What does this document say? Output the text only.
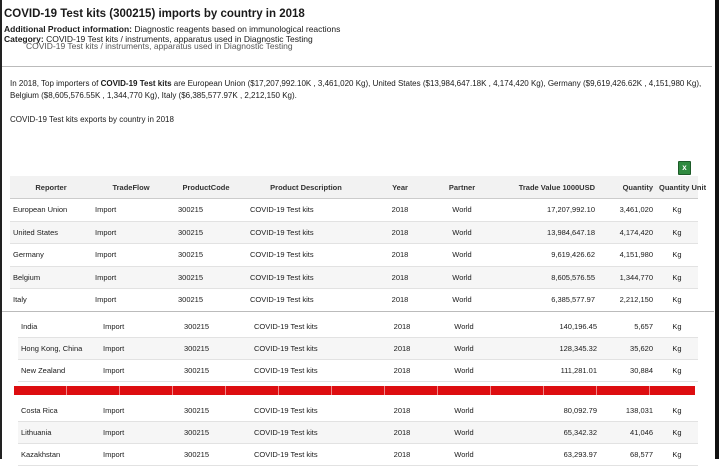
COVID-19 Test kits (300215) imports by country in 2018
Additional Product information: Diagnostic reagents based on immunological reactions
Category: COVID-19 Test kits / instruments, apparatus used in Diagnostic Testing
COVID-19 Test kits / instruments, apparatus used in Diagnostic Testing

In 2018, Top importers of COVID-19 Test kits are European Union ($17,207,992.10K , 3,461,020 Kg), United States ($13,984,647.18K , 4,174,420 Kg), Germany ($9,619,426.62K , 4,151,980 Kg), Belgium ($8,605,576.55K , 1,344,770 Kg), Italy ($6,385,577.97K , 2,212,150 Kg).

COVID-19 Test kits exports by country in 2018

x
Reporter	TradeFlow	ProductCode	Product Description	Year	Partner	Trade Value 1000USD	Quantity	Quantity Unit
European Union	Import	300215	COVID-19 Test kits	2018	World	17,207,992.10	3,461,020	Kg
United States	Import	300215	COVID-19 Test kits	2018	World	13,984,647.18	4,174,420	Kg
Germany	Import	300215	COVID-19 Test kits	2018	World	9,619,426.62	4,151,980	Kg
Belgium	Import	300215	COVID-19 Test kits	2018	World	8,605,576.55	1,344,770	Kg
Italy	Import	300215	COVID-19 Test kits	2018	World	6,385,577.97	2,212,150	Kg
India	Import	300215	COVID-19 Test kits	2018	World	140,196.45	5,657	Kg
Hong Kong, China	Import	300215	COVID-19 Test kits	2018	World	128,345.32	35,620	Kg
New Zealand	Import	300215	COVID-19 Test kits	2018	World	111,281.01	30,884	Kg
Costa Rica	Import	300215	COVID-19 Test kits	2018	World	80,092.79	138,031	Kg
Lithuania	Import	300215	COVID-19 Test kits	2018	World	65,342.32	41,046	Kg
Kazakhstan	Import	300215	COVID-19 Test kits	2018	World	63,293.97	68,577	Kg
